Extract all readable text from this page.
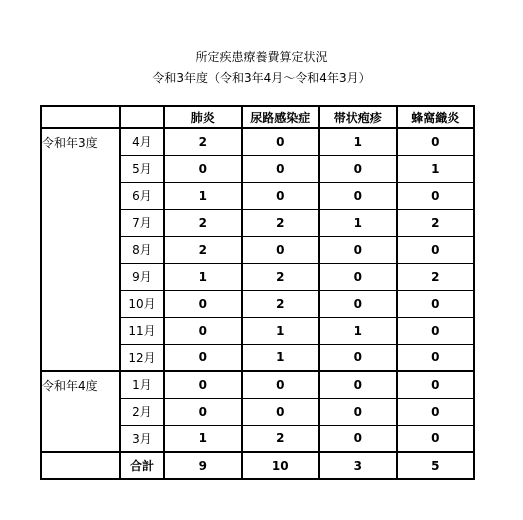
所定疾患療養費算定状況
令和3年度（令和3年4月～令和4年3月）
		肺炎	尿路感染症	帯状疱疹	蜂窩織炎
令和年3度	4月	2	0	1	0
	5月	0	0	0	1
	6月	1	0	0	0
	7月	2	2	1	2
	8月	2	0	0	0
	9月	1	2	0	2
	10月	0	2	0	0
	11月	0	1	1	0
	12月	0	1	0	0
令和年4度	1月	0	0	0	0
	2月	0	0	0	0
	3月	1	2	0	0
	合計	9	10	3	5
